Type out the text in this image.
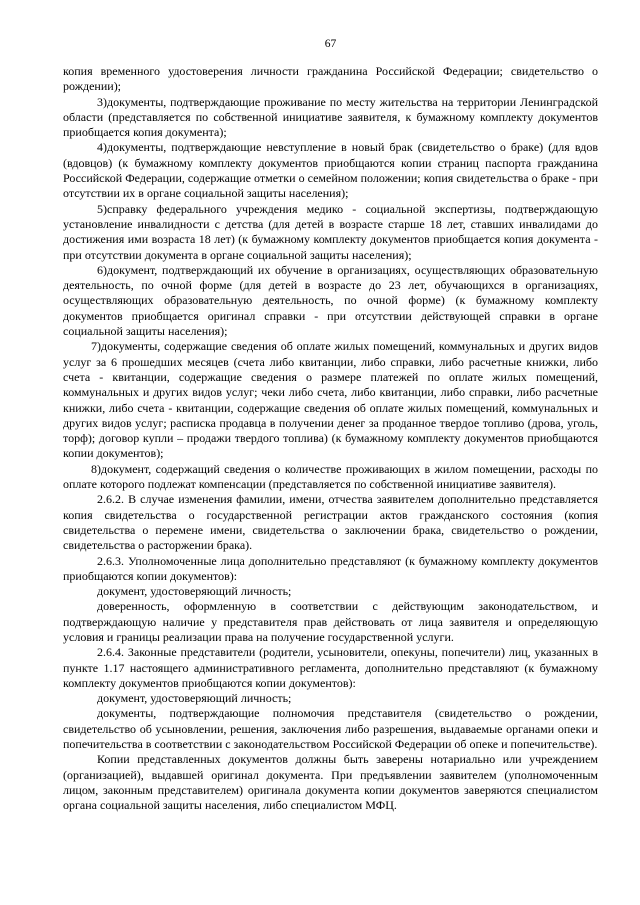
67

копия временного удостоверения личности гражданина Российской Федерации; свидетельство о рождении);

3)документы, подтверждающие проживание по месту жительства на территории Ленинградской области (представляется по собственной инициативе заявителя, к бумажному комплекту документов приобщается копия документа);

4)документы, подтверждающие невступление в новый брак (свидетельство о браке) (для вдов (вдовцов) (к бумажному комплекту документов приобщаются копии страниц паспорта гражданина Российской Федерации, содержащие отметки о семейном положении; копия свидетельства о браке - при отсутствии их в органе социальной защиты населения);

5)справку федерального учреждения медико - социальной экспертизы, подтверждающую установление инвалидности с детства (для детей в возрасте старше 18 лет, ставших инвалидами до достижения ими возраста 18 лет) (к бумажному комплекту документов приобщается копия документа - при отсутствии документа в органе социальной защиты населения);

6)документ, подтверждающий их обучение в организациях, осуществляющих образовательную деятельность, по очной форме (для детей в возрасте до 23 лет, обучающихся в организациях, осуществляющих образовательную деятельность, по очной форме) (к бумажному комплекту документов приобщается оригинал справки - при отсутствии действующей справки в органе социальной защиты населения);

7)документы, содержащие сведения об оплате жилых помещений, коммунальных и других видов услуг за 6 прошедших месяцев (счета либо квитанции, либо справки, либо расчетные книжки, либо счета - квитанции, содержащие сведения о размере платежей по оплате жилых помещений, коммунальных и других видов услуг; чеки либо счета, либо квитанции, либо справки, либо расчетные книжки, либо счета - квитанции, содержащие сведения об оплате жилых помещений, коммунальных и других видов услуг; расписка продавца в получении денег за проданное твердое топливо (дрова, уголь, торф); договор купли – продажи твердого топлива) (к бумажному комплекту документов приобщаются копии документов);

8)документ, содержащий сведения о количестве проживающих в жилом помещении, расходы по оплате которого подлежат компенсации (представляется по собственной инициативе заявителя).

2.6.2. В случае изменения фамилии, имени, отчества заявителем дополнительно представляется копия свидетельства о государственной регистрации актов гражданского состояния (копия свидетельства о перемене имени, свидетельства о заключении брака, свидетельство о рождении, свидетельства о расторжении брака).

2.6.3. Уполномоченные лица дополнительно представляют (к бумажному комплекту документов приобщаются копии документов):

документ, удостоверяющий личность;

доверенность, оформленную в соответствии с действующим законодательством, и подтверждающую наличие у представителя прав действовать от лица заявителя и определяющую условия и границы реализации права на получение государственной услуги.

2.6.4. Законные представители (родители, усыновители, опекуны, попечители) лиц, указанных в пункте 1.17 настоящего административного регламента, дополнительно представляют (к бумажному комплекту документов приобщаются копии документов):

документ, удостоверяющий личность;

документы, подтверждающие полномочия представителя (свидетельство о рождении, свидетельство об усыновлении, решения, заключения либо разрешения, выдаваемые органами опеки и попечительства в соответствии с законодательством Российской Федерации об опеке и попечительстве).

Копии представленных документов должны быть заверены нотариально или учреждением (организацией), выдавшей оригинал документа. При предъявлении заявителем (уполномоченным лицом, законным представителем) оригинала документа копии документов заверяются специалистом органа социальной защиты населения, либо специалистом МФЦ.
